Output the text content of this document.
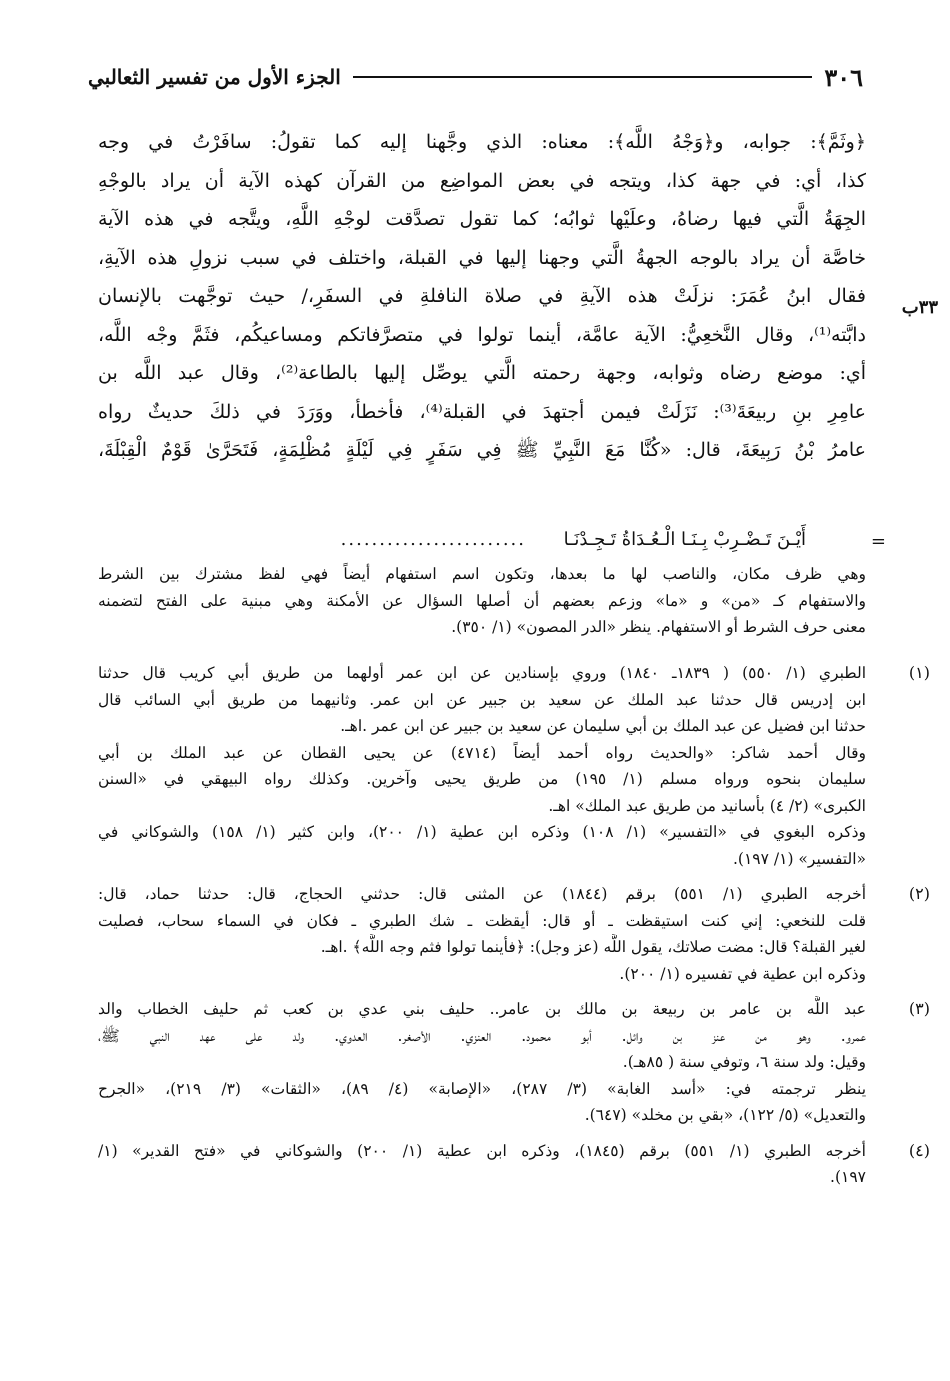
٣٠٦
الجزء الأول من تفسير الثعالبي
٣٣ب
﴿وثَمَّ﴾: جوابه، و﴿وَجْهُ اللَّه﴾: معناه: الذي وجَّهنا إليه كما تقولُ: سافَرْتُ في وجه
كذا، أي: في جهة كذا، ويتجه في بعض المواضِع من القرآن كهذه الآية أن يراد بالوجْهِ
الجِهَةُ الَّتي فيها رضاهُ، وعلَيْها ثوابُه؛ كما تقول تصدَّقت لوجْهِ اللَّهِ، ويتَّجه في هذه الآية
خاصَّة أن يراد بالوجه الجهةُ الَّتي وجهنا إليها في القبلة، واختلف في سبب نزولِ هذه الآيةِ،
فقال ابنُ عُمَرَ: نزلَتْ هذه الآيةِ في صلاة النافلةِ في السفَرِ،/ حيث توجَّهت بالإنسان
دابَّته⁽¹⁾، وقال النَّخعِيُّ: الآية عامَّة، أينما تولوا في متصرَّفاتكم ومساعيكُم، فثَمَّ وجْه اللَّه،
أي: موضع رضاه وثوابه، وجهة رحمته الَّتي يوصِّل إليها بالطاعة⁽²⁾، وقال عبد اللَّه بن
عامِرِ بنِ ربيعَةَ⁽³⁾: نَزَلَتْ فيمن أجتهدَ في القبلة⁽⁴⁾، فأخطأ، ووَرَدَ في ذلكَ حديثٌ رواه
عامرُ بْنُ رَبِيعَةَ، قال: «كُنَّا مَعَ النَّبِيِّ ﷺ فِي سَفَرٍ فِي لَيْلَةٍ مُظْلِمَةٍ، فَتَحَرَّىٰ قَوْمٌ الْقِبْلَةَ،
=
أَيْـنَ تَـضْـرِبْ بِـنَـا الْـعُـدَاةُ تَـجِـدْنَـا
........................
وهي ظرف مكان، والناصب لها ما بعدها، وتكون اسم استفهام أيضاً فهي لفظ مشترك بين الشرط
والاستفهام كـ «من» و «ما» وزعم بعضهم أن أصلها السؤال عن الأمكنة وهي مبنية على الفتح لتضمنه
معنى حرف الشرط أو الاستفهام. ينظر «الدر المصون» (١/ ٣٥٠).
(١)
الطبري (١/ ٥٥٠) ( ١٨٣٩ـ ١٨٤٠) وروي بإسنادين عن ابن عمر أولهما من طريق أبي كريب قال حدثنا
ابن إدريس قال حدثنا عبد الملك عن سعيد بن جبير عن ابن عمر. وثانيهما من طريق أبي السائب قال
حدثنا ابن فضيل عن عبد الملك بن أبي سليمان عن سعيد بن جبير عن ابن عمر .اهـ.
وقال أحمد شاكر: «والحديث رواه أحمد أيضاً (٤٧١٤) عن يحيى القطان عن عبد الملك بن أبي
سليمان بنحوه ورواه مسلم (١/ ١٩٥) من طريق يحيى وآخرين. وكذلك رواه البيهقي في «السنن
الكبرى» (٢/ ٤) بأسانيد من طريق عبد الملك» اهـ.
وذكره البغوي في «التفسير» (١/ ١٠٨) وذكره ابن عطية (١/ ٢٠٠)، وابن كثير (١/ ١٥٨) والشوكاني في
«التفسير» (١/ ١٩٧).
(٢)
أخرجه الطبري (١/ ٥٥١) برقم (١٨٤٤) عن المثنى قال: حدثني الحجاج، قال: حدثنا حماد، قال:
قلت للنخعي: إني كنت استيقظت ـ أو قال: أيقظت ـ شك الطبري ـ فكان في السماء سحاب، فصليت
لغير القبلة؟ قال: مضت صلاتك، يقول اللَّه (عز وجل): ﴿فأينما تولوا فثم وجه اللَّه﴾ .اهـ.
وذكره ابن عطية في تفسيره (١/ ٢٠٠).
(٣)
عبد اللَّه بن عامر بن ربيعة بن مالك بن عامر.. حليف بني عدي بن كعب ثم حليف الخطاب والد
عمرو. وهو من عنز بن وائل. أبو محمود. العنزي. الأصغر. العدوي. ولد على عهد النبي ﷺ،
وقيل: ولد سنة ٦، وتوفي سنة ( ٨٥هـ).
ينظر ترجمته في: «أسد الغابة» (٣/ ٢٨٧)، «الإصابة» (٤/ ٨٩)، «الثقات» (٣/ ٢١٩)، «الجرح
والتعديل» (٥/ ١٢٢)، «بقي بن مخلد» (٦٤٧).
(٤)
أخرجه الطبري (١/ ٥٥١) برقم (١٨٤٥)، وذكره ابن عطية (١/ ٢٠٠) والشوكاني في «فتح القدير» (١/
١٩٧).
